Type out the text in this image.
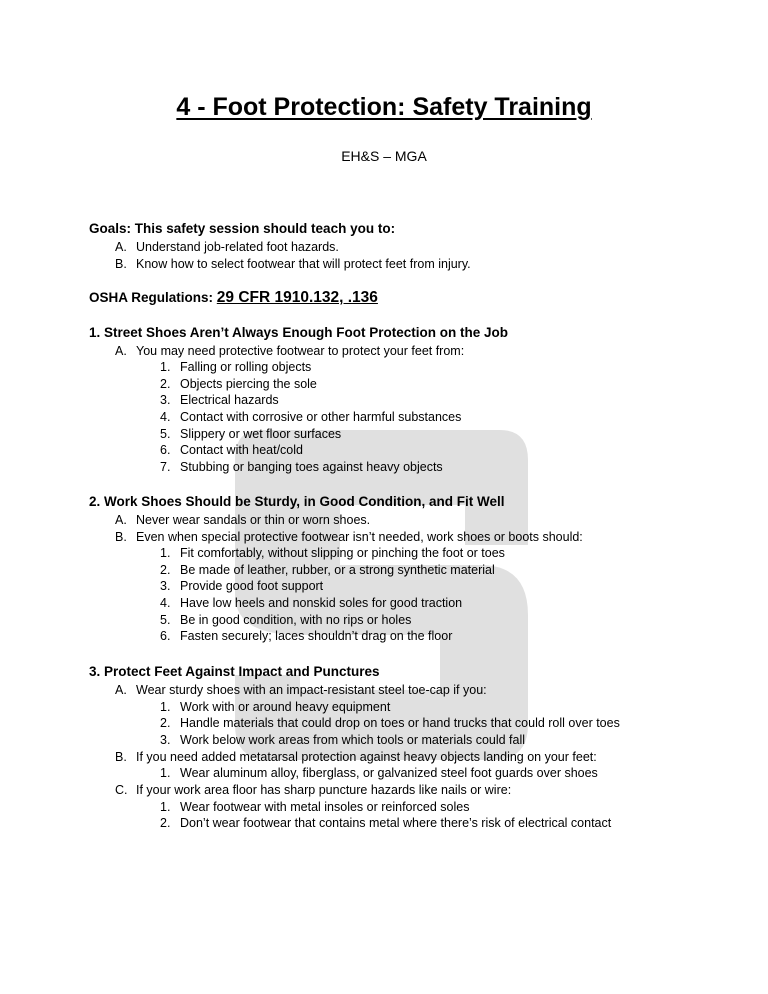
4 - Foot Protection: Safety Training
EH&S – MGA
Goals: This safety session should teach you to:
A. Understand job-related foot hazards.
B. Know how to select footwear that will protect feet from injury.
OSHA Regulations: 29 CFR 1910.132, .136
1. Street Shoes Aren’t Always Enough Foot Protection on the Job
A. You may need protective footwear to protect your feet from:
1. Falling or rolling objects
2. Objects piercing the sole
3. Electrical hazards
4. Contact with corrosive or other harmful substances
5. Slippery or wet floor surfaces
6. Contact with heat/cold
7. Stubbing or banging toes against heavy objects
2. Work Shoes Should be Sturdy, in Good Condition, and Fit Well
A. Never wear sandals or thin or worn shoes.
B. Even when special protective footwear isn’t needed, work shoes or boots should:
1. Fit comfortably, without slipping or pinching the foot or toes
2. Be made of leather, rubber, or a strong synthetic material
3. Provide good foot support
4. Have low heels and nonskid soles for good traction
5. Be in good condition, with no rips or holes
6. Fasten securely; laces shouldn’t drag on the floor
3. Protect Feet Against Impact and Punctures
A. Wear sturdy shoes with an impact-resistant steel toe-cap if you:
1. Work with or around heavy equipment
2. Handle materials that could drop on toes or hand trucks that could roll over toes
3. Work below work areas from which tools or materials could fall
B. If you need added metatarsal protection against heavy objects landing on your feet:
1. Wear aluminum alloy, fiberglass, or galvanized steel foot guards over shoes
C. If your work area floor has sharp puncture hazards like nails or wire:
1. Wear footwear with metal insoles or reinforced soles
2. Don’t wear footwear that contains metal where there’s risk of electrical contact
